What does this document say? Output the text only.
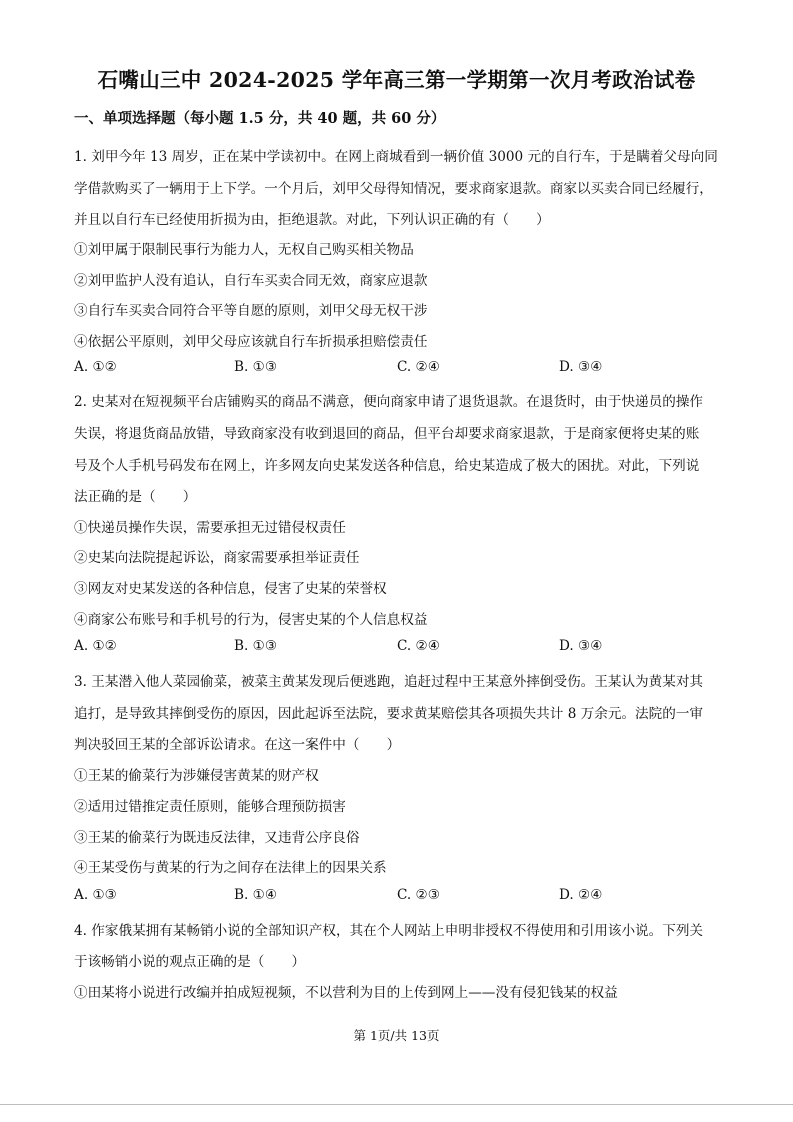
石嘴山三中 2024-2025 学年高三第一学期第一次月考政治试卷
一、单项选择题（每小题 1.5 分，共 40 题，共 60 分）
1. 刘甲今年 13 周岁，正在某中学读初中。在网上商城看到一辆价值 3000 元的自行车，于是瞒着父母向同
学借款购买了一辆用于上下学。一个月后，刘甲父母得知情况，要求商家退款。商家以买卖合同已经履行，
并且以自行车已经使用折损为由，拒绝退款。对此，下列认识正确的有（　　）
①刘甲属于限制民事行为能力人，无权自己购买相关物品
②刘甲监护人没有追认，自行车买卖合同无效，商家应退款
③自行车买卖合同符合平等自愿的原则，刘甲父母无权干涉
④依据公平原则，刘甲父母应该就自行车折损承担赔偿责任
A. ①②	B. ①③	C. ②④	D. ③④
2. 史某对在短视频平台店铺购买的商品不满意，便向商家申请了退货退款。在退货时，由于快递员的操作
失误，将退货商品放错，导致商家没有收到退回的商品，但平台却要求商家退款，于是商家便将史某的账
号及个人手机号码发布在网上，许多网友向史某发送各种信息，给史某造成了极大的困扰。对此，下列说
法正确的是（　　）
①快递员操作失误，需要承担无过错侵权责任
②史某向法院提起诉讼，商家需要承担举证责任
③网友对史某发送的各种信息，侵害了史某的荣誉权
④商家公布账号和手机号的行为，侵害史某的个人信息权益
A. ①②	B. ①③	C. ②④	D. ③④
3. 王某潜入他人菜园偷菜，被菜主黄某发现后便逃跑，追赶过程中王某意外摔倒受伤。王某认为黄某对其
追打，是导致其摔倒受伤的原因，因此起诉至法院，要求黄某赔偿其各项损失共计 8 万余元。法院的一审
判决驳回王某的全部诉讼请求。在这一案件中（　　）
①王某的偷菜行为涉嫌侵害黄某的财产权
②适用过错推定责任原则，能够合理预防损害
③王某的偷菜行为既违反法律，又违背公序良俗
④王某受伤与黄某的行为之间存在法律上的因果关系
A. ①③	B. ①④	C. ②③	D. ②④
4. 作家俄某拥有某畅销小说的全部知识产权，其在个人网站上申明非授权不得使用和引用该小说。下列关
于该畅销小说的观点正确的是（　　）
①田某将小说进行改编并拍成短视频，不以营利为目的上传到网上——没有侵犯钱某的权益
第 1页/共 13页
